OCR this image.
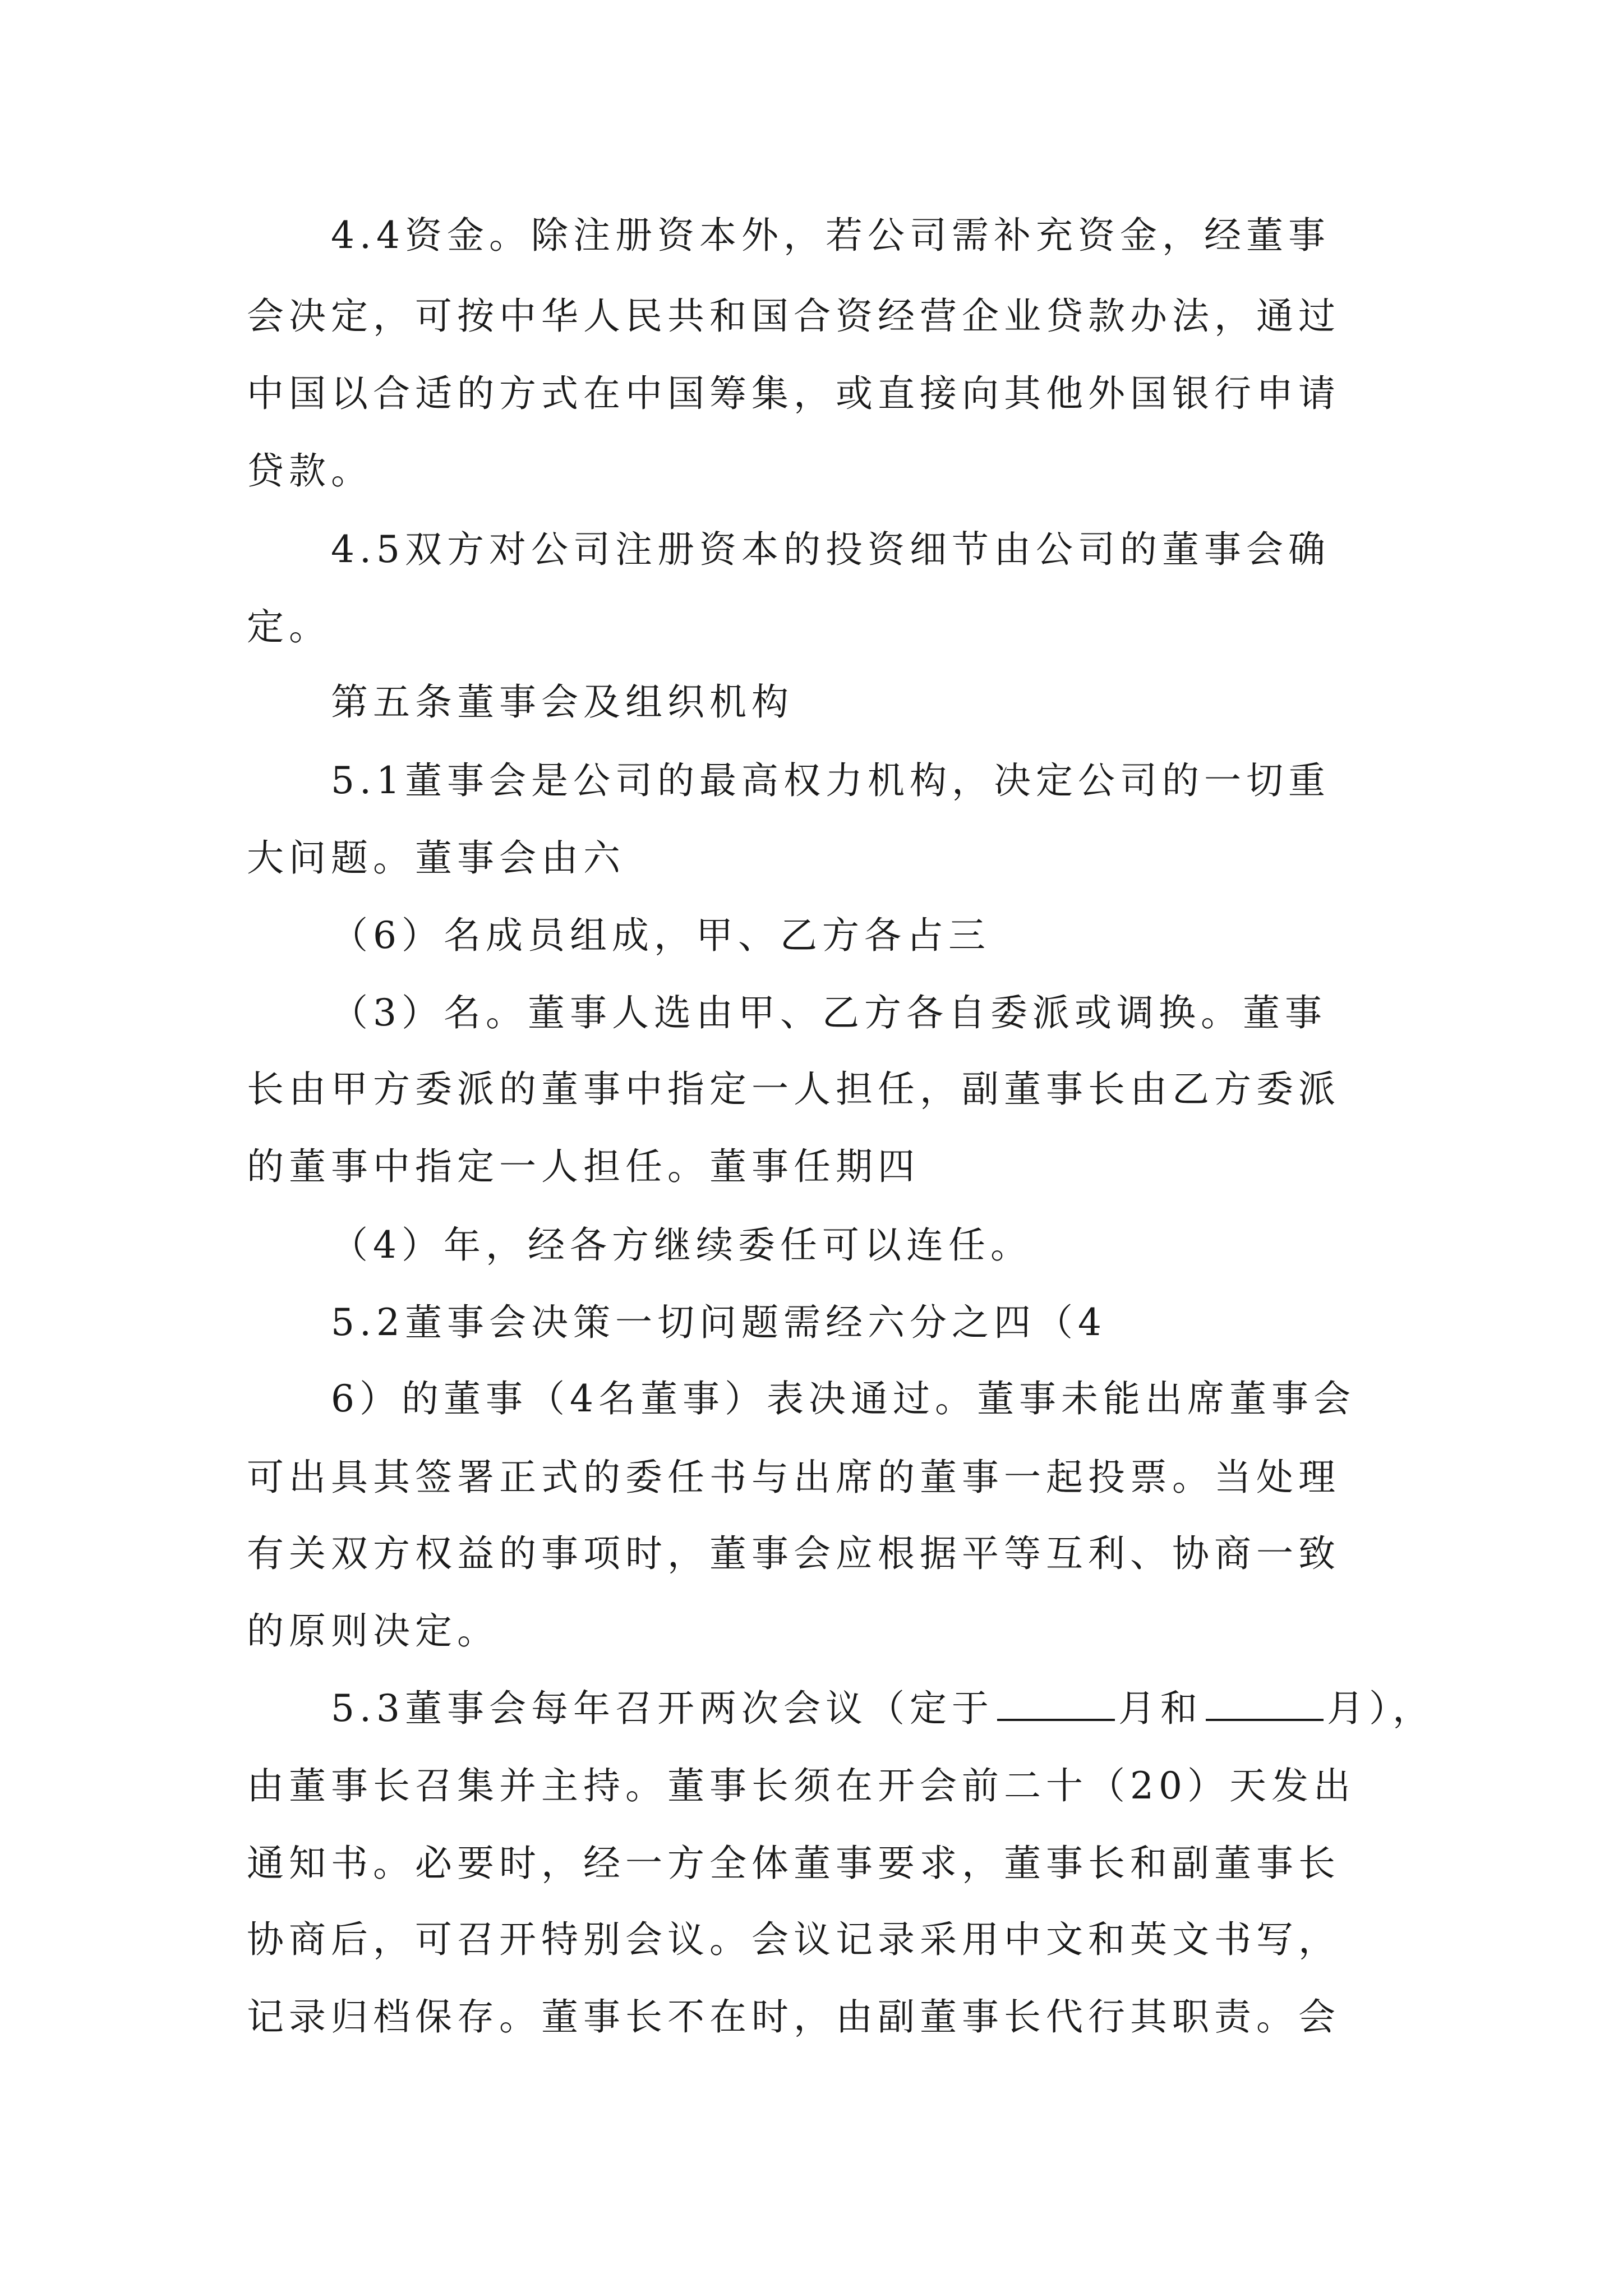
4.4资金。除注册资本外，若公司需补充资金，经董事
会决定，可按中华人民共和国合资经营企业贷款办法，通过
中国以合适的方式在中国筹集，或直接向其他外国银行申请
贷款。
4.5双方对公司注册资本的投资细节由公司的董事会确
定。
第五条董事会及组织机构
5.1董事会是公司的最高权力机构，决定公司的一切重
大问题。董事会由六
（6）名成员组成，甲、乙方各占三
（3）名。董事人选由甲、乙方各自委派或调换。董事
长由甲方委派的董事中指定一人担任，副董事长由乙方委派
的董事中指定一人担任。董事任期四
（4）年，经各方继续委任可以连任。
5.2董事会决策一切问题需经六分之四（4
6）的董事（4名董事）表决通过。董事未能出席董事会
可出具其签署正式的委任书与出席的董事一起投票。当处理
有关双方权益的事项时，董事会应根据平等互利、协商一致
的原则决定。
5.3董事会每年召开两次会议（定于	月和	月），
由董事长召集并主持。董事长须在开会前二十（20）天发出
通知书。必要时，经一方全体董事要求，董事长和副董事长
协商后，可召开特别会议。会议记录采用中文和英文书写，
记录归档保存。董事长不在时，由副董事长代行其职责。会
